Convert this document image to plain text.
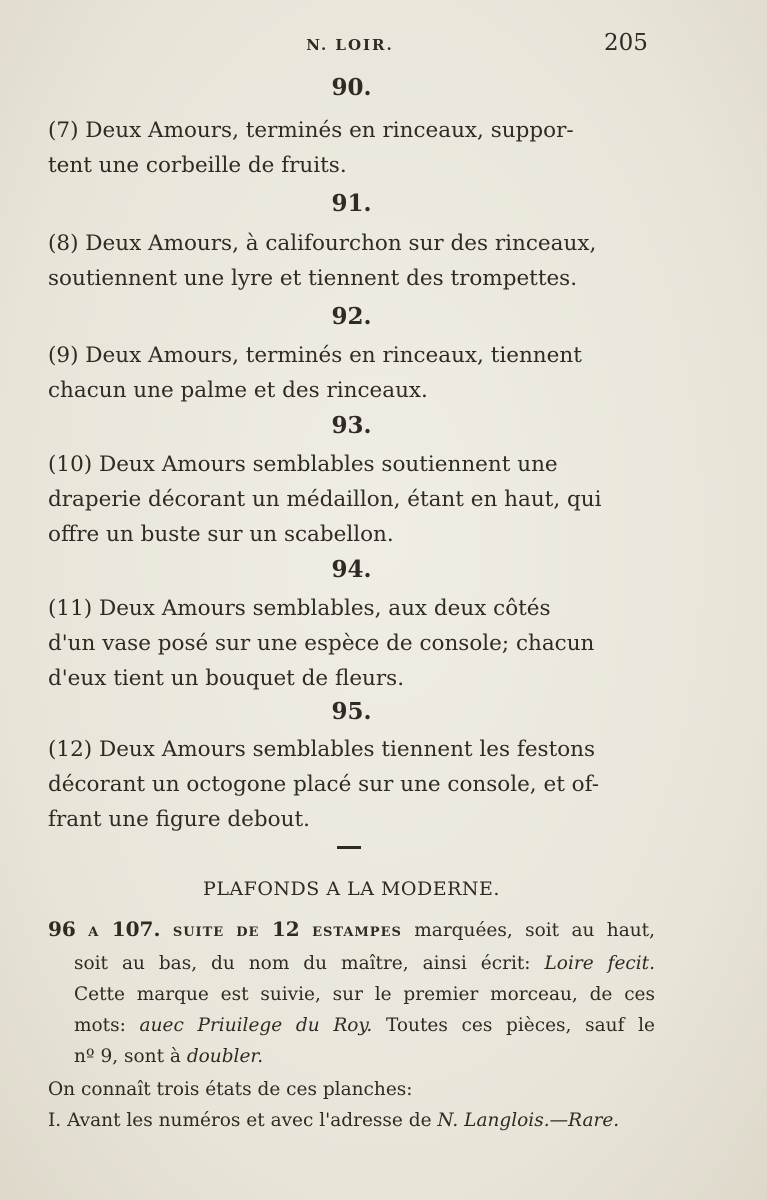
N. LOIR.	205
90.
(7) Deux Amours, terminés en rinceaux, suppor-
tent une corbeille de fruits.
91.
(8) Deux Amours, à califourchon sur des rinceaux,
soutiennent une lyre et tiennent des trompettes.
92.
(9) Deux Amours, terminés en rinceaux, tiennent
chacun une palme et des rinceaux.
93.
(10) Deux Amours semblables soutiennent une
draperie décorant un médaillon, étant en haut, qui
offre un buste sur un scabellon.
94.
(11) Deux Amours semblables, aux deux côtés
d'un vase posé sur une espèce de console; chacun
d'eux tient un bouquet de fleurs.
95.
(12) Deux Amours semblables tiennent les festons
décorant un octogone placé sur une console, et of-
frant une figure debout.
PLAFONDS A LA MODERNE.
96 A 107. SUITE DE 12 ESTAMPES marquées, soit au haut,
soit au bas, du nom du maître, ainsi écrit: Loire fecit.
Cette marque est suivie, sur le premier morceau, de ces
mots: auec Priuilege du Roy. Toutes ces pièces, sauf le
nº 9, sont à doubler.
On connaît trois états de ces planches:
I. Avant les numéros et avec l'adresse de N. Langlois.—Rare.
